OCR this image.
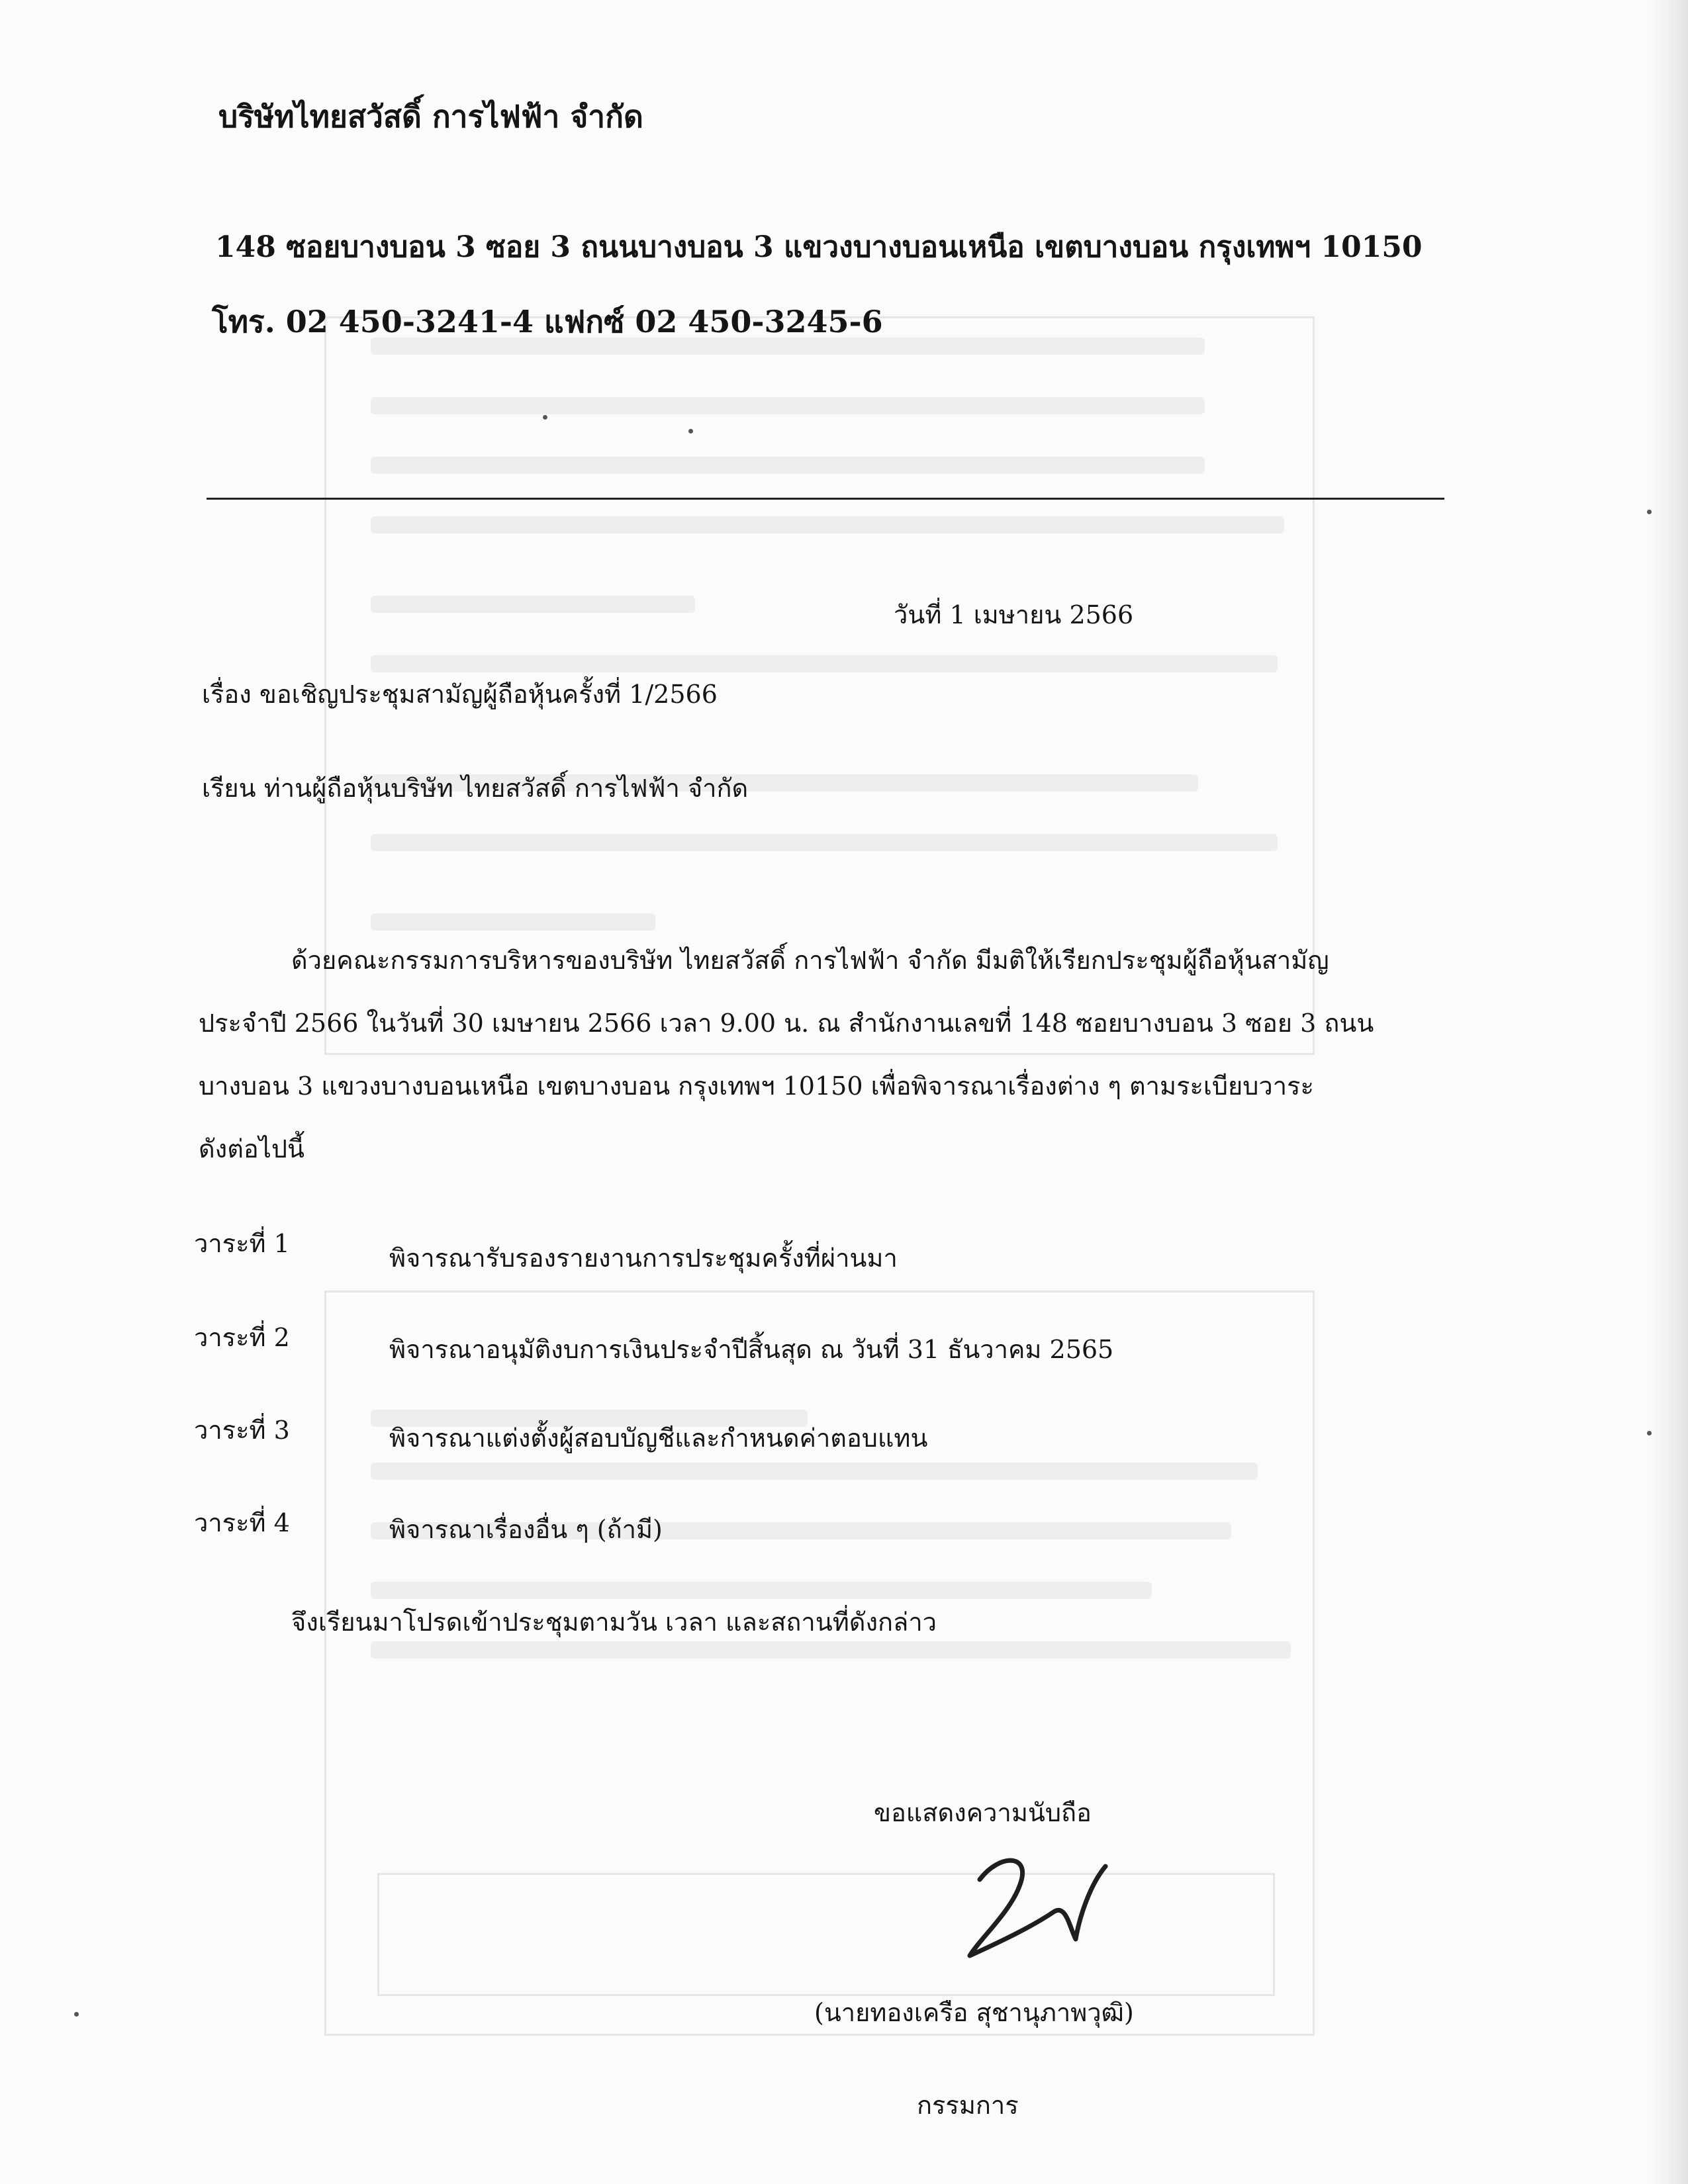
บริษัทไทยสวัสดิ์ การไฟฟ้า จำกัด
148 ซอยบางบอน 3 ซอย 3 ถนนบางบอน 3 แขวงบางบอนเหนือ เขตบางบอน กรุงเทพฯ 10150
โทร. 02 450-3241-4 แฟกซ์ 02 450-3245-6
วันที่ 1 เมษายน 2566
เรื่อง ขอเชิญประชุมสามัญผู้ถือหุ้นครั้งที่ 1/2566
เรียน ท่านผู้ถือหุ้นบริษัท ไทยสวัสดิ์ การไฟฟ้า จำกัด
ด้วยคณะกรรมการบริหารของบริษัท ไทยสวัสดิ์ การไฟฟ้า จำกัด มีมติให้เรียกประชุมผู้ถือหุ้นสามัญ
ประจำปี 2566 ในวันที่ 30 เมษายน 2566 เวลา 9.00 น. ณ สำนักงานเลขที่ 148 ซอยบางบอน 3 ซอย 3 ถนน
บางบอน 3 แขวงบางบอนเหนือ เขตบางบอน กรุงเทพฯ 10150 เพื่อพิจารณาเรื่องต่าง ๆ ตามระเบียบวาระ
ดังต่อไปนี้
วาระที่ 1	พิจารณารับรองรายงานการประชุมครั้งที่ผ่านมา
วาระที่ 2	พิจารณาอนุมัติงบการเงินประจำปีสิ้นสุด ณ วันที่ 31 ธันวาคม 2565
วาระที่ 3	พิจารณาแต่งตั้งผู้สอบบัญชีและกำหนดค่าตอบแทน
วาระที่ 4	พิจารณาเรื่องอื่น ๆ (ถ้ามี)
จึงเรียนมาโปรดเข้าประชุมตามวัน เวลา และสถานที่ดังกล่าว
ขอแสดงความนับถือ
(นายทองเครือ สุชานุภาพวุฒิ)
กรรมการ
